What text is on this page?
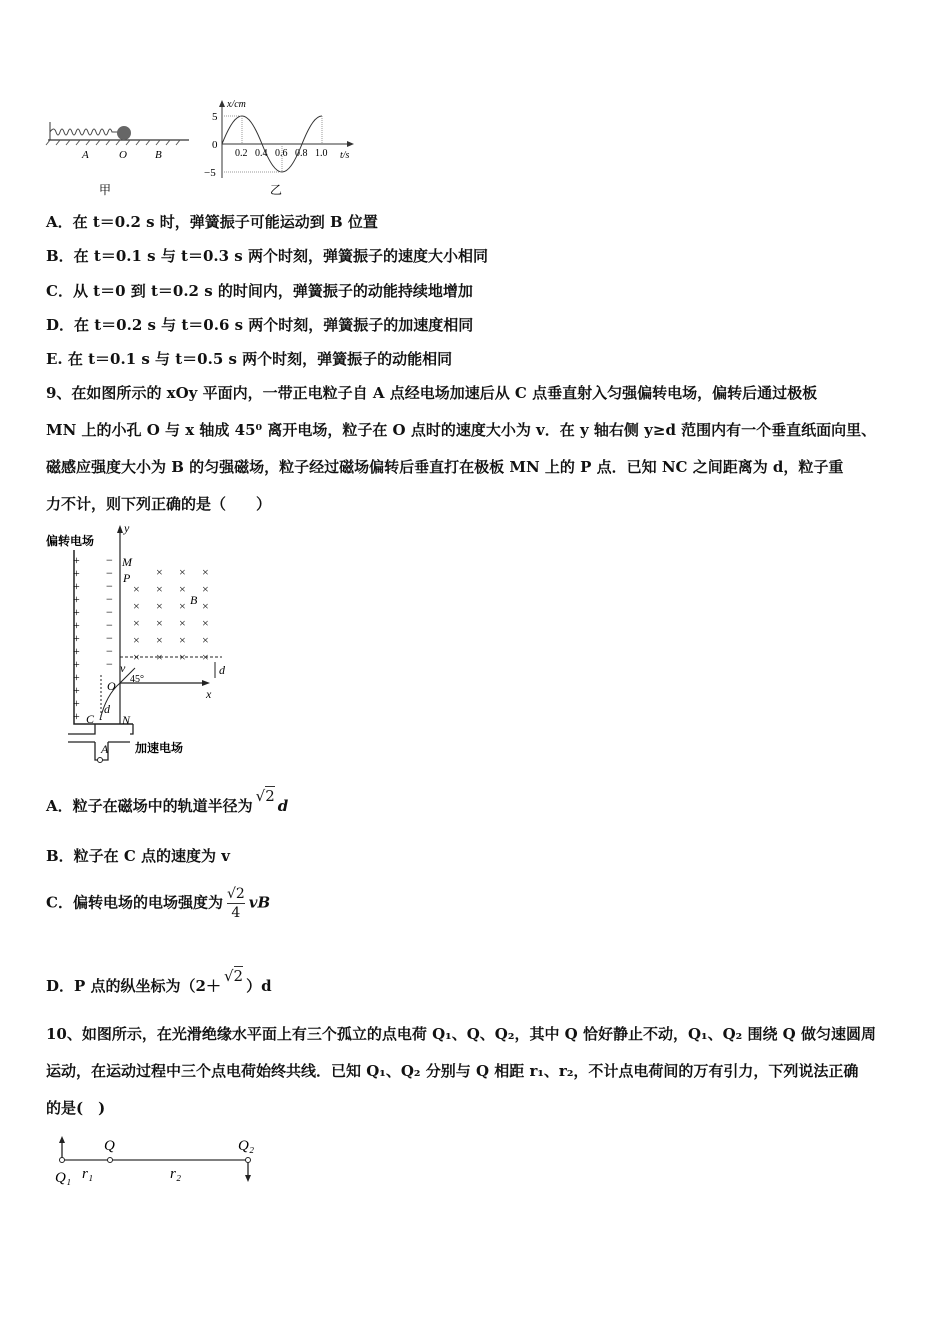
A	O	B
甲
x/cm
t/s
5
0
−5
0.2 0.4 0.6 0.8 1.0
乙
A．在 t＝0.2 s 时，弹簧振子可能运动到 B 位置
B．在 t＝0.1 s 与 t＝0.3 s 两个时刻，弹簧振子的速度大小相同
C．从 t＝0 到 t＝0.2 s 的时间内，弹簧振子的动能持续地增加
D．在 t＝0.2 s 与 t＝0.6 s 两个时刻，弹簧振子的加速度相同
E. 在 t＝0.1 s 与 t＝0.5 s 两个时刻，弹簧振子的动能相同
9、在如图所示的 xOy 平面内，一带正电粒子自 A 点经电场加速后从 C 点垂直射入匀强偏转电场，偏转后通过极板
MN 上的小孔 O 与 x 轴成 45⁰ 离开电场，粒子在 O 点时的速度大小为 v．在 y 轴右侧 y≥d 范围内有一个垂直纸面向里、
磁感应强度大小为 B 的匀强磁场，粒子经过磁场偏转后垂直打在极板 MN 上的 P 点．已知 NC 之间距离为 d，粒子重
力不计，则下列正确的是（　　）
偏转电场
加速电场
y
x
M
P
B
v
O 45°
d
d
C N
A
+
+
+
+
+
+
+
+
+
+
+
+
+
−
−
−
−
−
−
−
−
−
× × ×
× × × ×
× × × ×
× × × ×
× × × ×
× × × ×
A．粒子在磁场中的轨道半径为√2d
B．粒子在 C 点的速度为 v
C．偏转电场的电场强度为 $\frac{√2}{4}$ vB
D．P 点的纵坐标为（2＋√2）d
10、如图所示，在光滑绝缘水平面上有三个孤立的点电荷 Q₁、Q、Q₂，其中 Q 恰好静止不动，Q₁、Q₂ 围绕 Q 做匀速圆周
运动，在运动过程中三个点电荷始终共线．已知 Q₁、Q₂ 分别与 Q 相距 r₁、r₂，不计点电荷间的万有引力，下列说法正确
的是(　)
Q₁
Q	Q₂
r₁	r₂
